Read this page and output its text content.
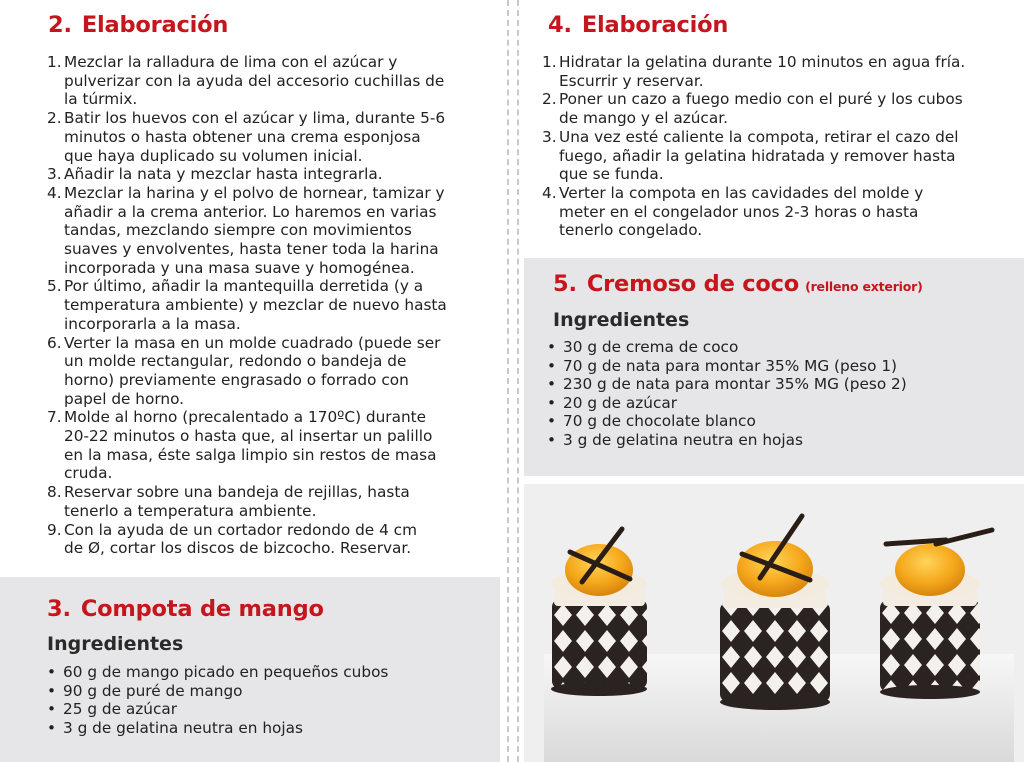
2. Elaboración
1. Mezclar la ralladura de lima con el azúcar y
pulverizar con la ayuda del accesorio cuchillas de
la túrmix.
2. Batir los huevos con el azúcar y lima, durante 5-6
minutos o hasta obtener una crema esponjosa
que haya duplicado su volumen inicial.
3. Añadir la nata y mezclar hasta integrarla.
4. Mezclar la harina y el polvo de hornear, tamizar y
añadir a la crema anterior. Lo haremos en varias
tandas, mezclando siempre con movimientos
suaves y envolventes, hasta tener toda la harina
incorporada y una masa suave y homogénea.
5. Por último, añadir la mantequilla derretida (y a
temperatura ambiente) y mezclar de nuevo hasta
incorporarla a la masa.
6. Verter la masa en un molde cuadrado (puede ser
un molde rectangular, redondo o bandeja de
horno) previamente engrasado o forrado con
papel de horno.
7. Molde al horno (precalentado a 170ºC) durante
20-22 minutos o hasta que, al insertar un palillo
en la masa, éste salga limpio sin restos de masa
cruda.
8. Reservar sobre una bandeja de rejillas, hasta
tenerlo a temperatura ambiente.
9. Con la ayuda de un cortador redondo de 4 cm
de Ø, cortar los discos de bizcocho. Reservar.
3. Compota de mango
Ingredientes
• 60 g de mango picado en pequeños cubos
• 90 g de puré de mango
• 25 g de azúcar
• 3 g de gelatina neutra en hojas
4. Elaboración
1. Hidratar la gelatina durante 10 minutos en agua fría.
Escurrir y reservar.
2. Poner un cazo a fuego medio con el puré y los cubos
de mango y el azúcar.
3. Una vez esté caliente la compota, retirar el cazo del
fuego, añadir la gelatina hidratada y remover hasta
que se funda.
4. Verter la compota en las cavidades del molde y
meter en el congelador unos 2-3 horas o hasta
tenerlo congelado.
5. Cremoso de coco (relleno exterior)
Ingredientes
• 30 g de crema de coco
• 70 g de nata para montar 35% MG (peso 1)
• 230 g de nata para montar 35% MG (peso 2)
• 20 g de azúcar
• 70 g de chocolate blanco
• 3 g de gelatina neutra en hojas
